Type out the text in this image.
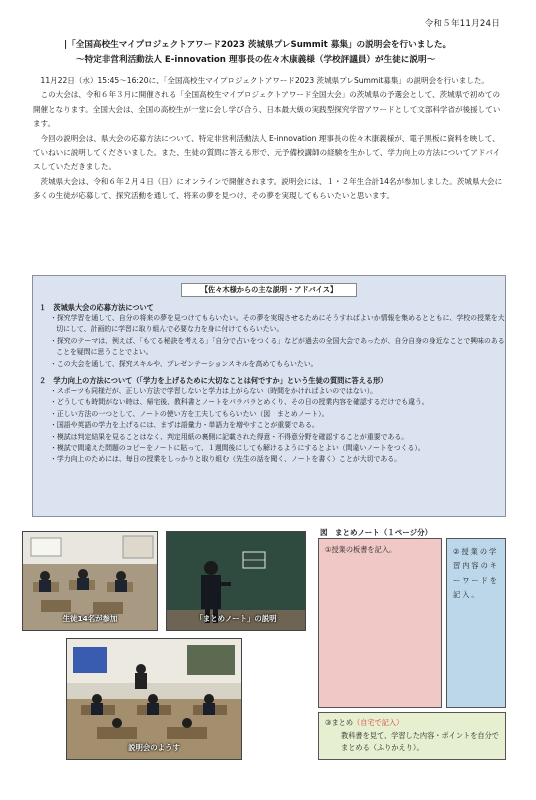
令和５年11月24日
|「全国高校生マイプロジェクトアワード2023 茨城県プレSummit 募集」の説明会を行いました。
～特定非営利活動法人 E-innovation 理事長の佐々木康義様（学校評議員）が生徒に説明～

11月22日（水）15:45～16:20に、「全国高校生マイプロジェクトアワード2023 茨城県プレSummit募集」の説明会を行いました。

この大会は、令和６年３月に開催される「全国高校生マイプロジェクトアワード全国大会」の茨城県の予選会として、茨城県で初めての開催となります。全国大会は、全国の高校生が一堂に会し学び合う、日本最大級の実践型探究学習アワードとして文部科学省が後援しています。

今回の説明会は、県大会の応募方法について、特定非営利活動法人 E-innovation 理事長の佐々木康義様が、電子黒板に資料を映して、ていねいに説明してくださいました。また、生徒の質問に答える形で、元予備校講師の経験を生かして、学力向上の方法についてアドバイスしていただきました。

茨城県大会は、令和６年２月４日（日）にオンラインで開催されます。説明会には、１・２年生合計14名が参加しました。茨城県大会に多くの生徒が応募して、探究活動を通して、将来の夢を見つけ、その夢を実現してもらいたいと思います。

【佐々木様からの主な説明・アドバイス】
１　茨城県大会の応募方法について
・探究学習を通して、自分の将来の夢を見つけてもらいたい。その夢を実現させるためにそうすればよいか情報を集めるとともに、学校の授業を大切にして、計画的に学習に取り組んで必要な力を身に付けてもらいたい。
・探究のテーマは、例えば、「もてる秘訣を考える」「自分で占いをつくる」などが過去の全国大会であったが、自分自身の身近なことで興味のあることを疑問に思うことでよい。
・この大会を通して、探究スキルや、プレゼンテーションスキルを高めてもらいたい。
２　学力向上の方法について（「学力を上げるために大切なことは何ですか」という生徒の質問に答える形）
・スポーツも同様だが、正しい方法で学習しないと学力は上がらない（時間をかければよいのではない）。
・どうしても時間がない時は、帰宅後、教科書とノートをパラパラとめくり、その日の授業内容を確認するだけでも違う。
・正しい方法の一つとして、ノートの使い方を工夫してもらいたい（図　まとめノート）。
・国語や英語の学力を上げるには、まずは語彙力・単語力を増やすことが重要である。
・模試は判定結果を見ることはなく、判定用紙の裏側に記載された得意・不得意分野を確認することが重要である。
・模試で間違えた問題のコピーをノートに貼って、１週間後にしても解けるようにするとよい（間違いノートをつくる）。
・学力向上のためには、毎日の授業をしっかりと取り組む（先生の話を聞く、ノートを書く）ことが大切である。
生徒14名が参加	「まとめノート」の説明
説明会のようす
図　まとめノート（１ページ分）
①授業の板書を記入。	②授業の学習内容のキーワードを記入。
③まとめ（自宅で記入）
教科書を見て、学習した内容・ポイントを自分でまとめる（ふりかえり）。
